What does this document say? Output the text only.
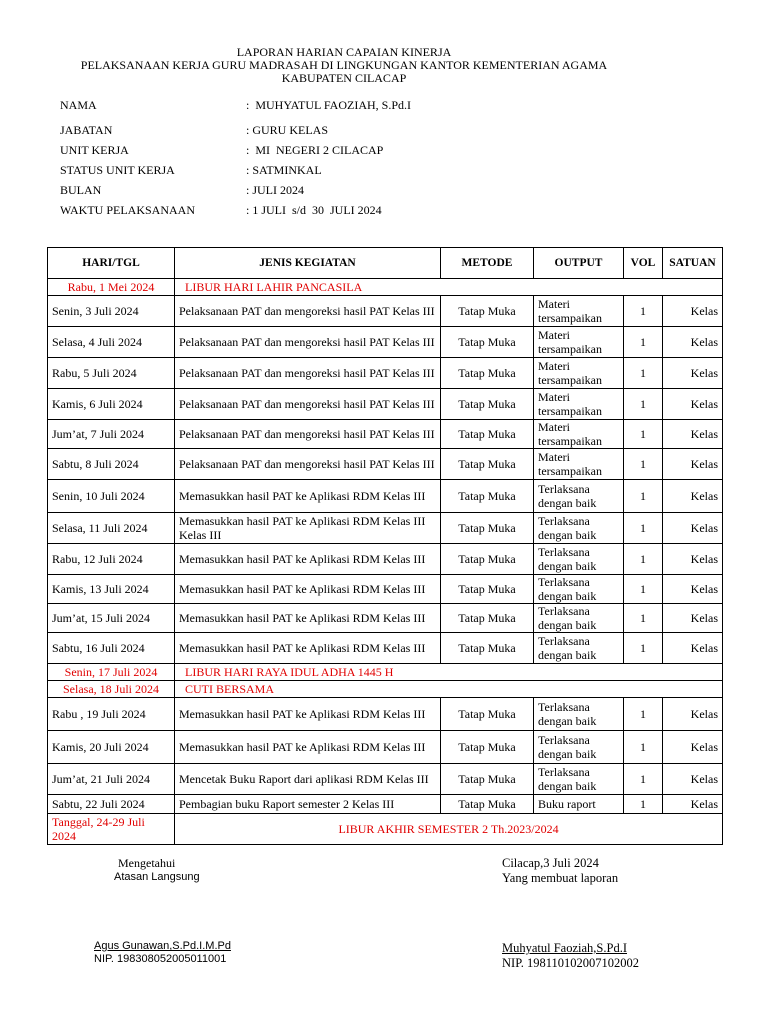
LAPORAN HARIAN CAPAIAN KINERJA
PELAKSANAAN KERJA GURU MADRASAH DI LINGKUNGAN KANTOR KEMENTERIAN AGAMA
KABUPATEN CILACAP
NAMA	:  MUHYATUL FAOZIAH, S.Pd.I
JABATAN	: GURU KELAS
UNIT KERJA	:  MI  NEGERI 2 CILACAP
STATUS UNIT KERJA	: SATMINKAL
BULAN	: JULI 2024
WAKTU PELAKSANAAN	: 1 JULI  s/d  30  JULI 2024
HARI/TGL	JENIS KEGIATAN	METODE	OUTPUT	VOL	SATUAN
Rabu, 1 Mei 2024	LIBUR HARI LAHIR PANCASILA				
Senin, 3 Juli 2024	Pelaksanaan PAT dan mengoreksi hasil PAT Kelas III	Tatap Muka	Materi tersampaikan	1	Kelas
Selasa, 4 Juli 2024	Pelaksanaan PAT dan mengoreksi hasil PAT Kelas III	Tatap Muka	Materi tersampaikan	1	Kelas
Rabu, 5 Juli 2024	Pelaksanaan PAT dan mengoreksi hasil PAT Kelas III	Tatap Muka	Materi tersampaikan	1	Kelas
Kamis, 6 Juli 2024	Pelaksanaan PAT dan mengoreksi hasil PAT Kelas III	Tatap Muka	Materi tersampaikan	1	Kelas
Jum’at, 7 Juli 2024	Pelaksanaan PAT dan mengoreksi hasil PAT Kelas III	Tatap Muka	Materi tersampaikan	1	Kelas
Sabtu, 8 Juli 2024	Pelaksanaan PAT dan mengoreksi hasil PAT Kelas III	Tatap Muka	Materi tersampaikan	1	Kelas
Senin, 10 Juli 2024	Memasukkan hasil PAT ke Aplikasi RDM Kelas III	Tatap Muka	Terlaksana dengan baik	1	Kelas
Selasa, 11 Juli 2024	Memasukkan hasil PAT ke Aplikasi RDM Kelas III Kelas III	Tatap Muka	Terlaksana dengan baik	1	Kelas
Rabu, 12 Juli 2024	Memasukkan hasil PAT ke Aplikasi RDM Kelas III	Tatap Muka	Terlaksana dengan baik	1	Kelas
Kamis, 13 Juli 2024	Memasukkan hasil PAT ke Aplikasi RDM Kelas III	Tatap Muka	Terlaksana dengan baik	1	Kelas
Jum’at, 15 Juli 2024	Memasukkan hasil PAT ke Aplikasi RDM Kelas III	Tatap Muka	Terlaksana dengan baik	1	Kelas
Sabtu, 16 Juli 2024	Memasukkan hasil PAT ke Aplikasi RDM Kelas III	Tatap Muka	Terlaksana dengan baik	1	Kelas
Senin, 17 Juli 2024	LIBUR HARI RAYA IDUL ADHA 1445 H				
Selasa, 18 Juli 2024	CUTI BERSAMA				
Rabu , 19 Juli 2024	Memasukkan hasil PAT ke Aplikasi RDM Kelas III	Tatap Muka	Terlaksana dengan baik	1	Kelas
Kamis, 20 Juli 2024	Memasukkan hasil PAT ke Aplikasi RDM Kelas III	Tatap Muka	Terlaksana dengan baik	1	Kelas
Jum’at, 21 Juli 2024	Mencetak Buku Raport dari aplikasi RDM Kelas III	Tatap Muka	Terlaksana dengan baik	1	Kelas
Sabtu, 22 Juli 2024	Pembagian buku Raport semester 2 Kelas III	Tatap Muka	Buku raport	1	Kelas
Tanggal, 24-29 Juli 2024	LIBUR AKHIR SEMESTER 2 Th.2023/2024				
Mengetahui
Atasan Langsung
Agus Gunawan,S.Pd.I.M.Pd
NIP. 198308052005011001
Cilacap,3 Juli 2024
Yang membuat laporan
Muhyatul Faoziah,S.Pd.I
NIP. 198110102007102002
